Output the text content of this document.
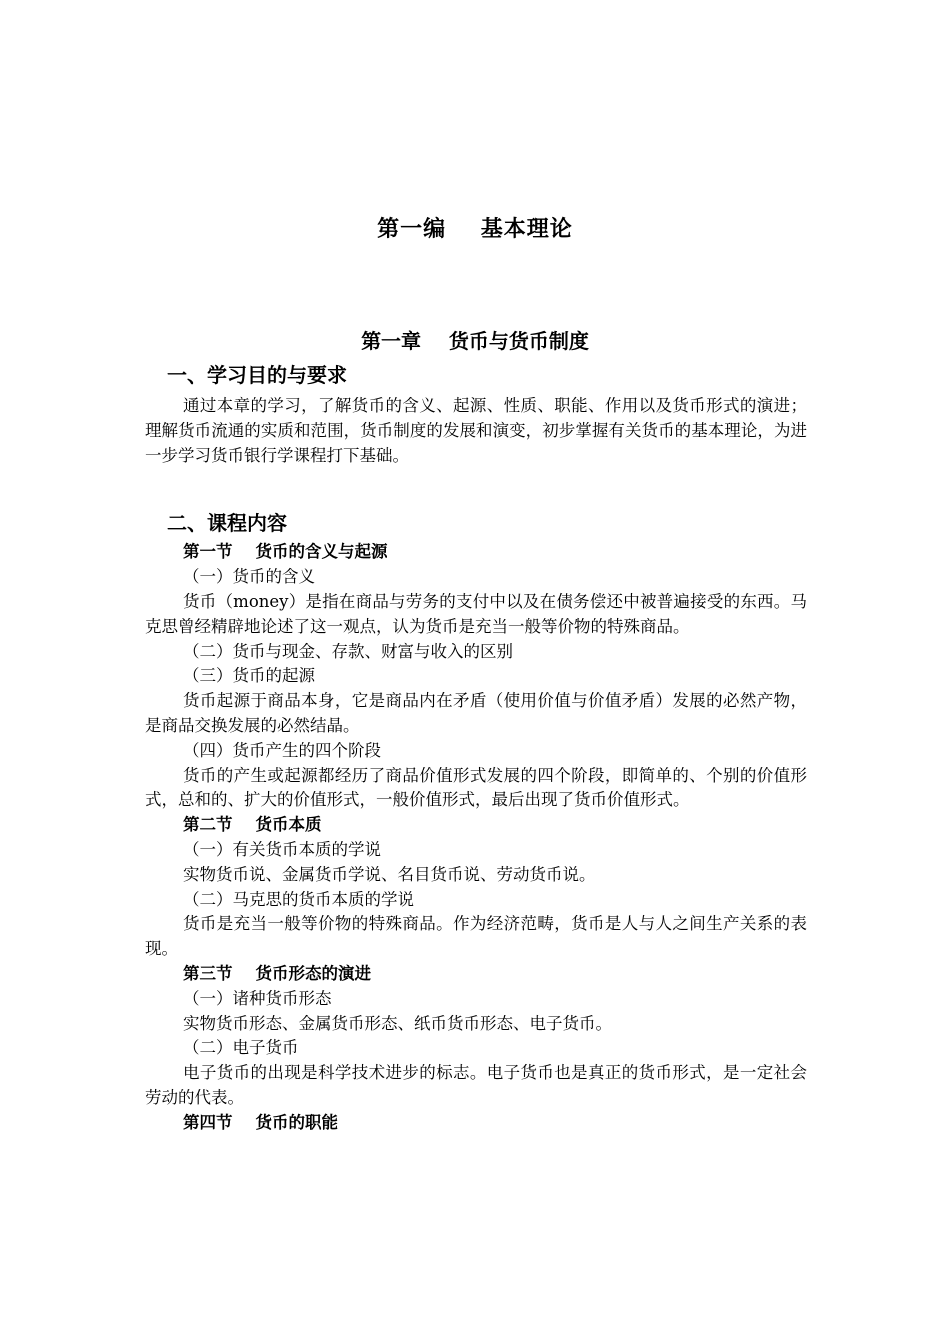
第一编    基本理论
第一章    货币与货币制度
一、学习目的与要求

通过本章的学习，了解货币的含义、起源、性质、职能、作用以及货币形式的演进；理解货币流通的实质和范围，货币制度的发展和演变，初步掌握有关货币的基本理论，为进一步学习货币银行学课程打下基础。

二、课程内容
第一节    货币的含义与起源
（一）货币的含义

货币（money）是指在商品与劳务的支付中以及在债务偿还中被普遍接受的东西。马克思曾经精辟地论述了这一观点，认为货币是充当一般等价物的特殊商品。

（二）货币与现金、存款、财富与收入的区别
（三）货币的起源

货币起源于商品本身，它是商品内在矛盾（使用价值与价值矛盾）发展的必然产物，是商品交换发展的必然结晶。

（四）货币产生的四个阶段

货币的产生或起源都经历了商品价值形式发展的四个阶段，即简单的、个别的价值形式，总和的、扩大的价值形式，一般价值形式，最后出现了货币价值形式。

第二节    货币本质
（一）有关货币本质的学说
实物货币说、金属货币学说、名目货币说、劳动货币说。
（二）马克思的货币本质的学说

货币是充当一般等价物的特殊商品。作为经济范畴，货币是人与人之间生产关系的表现。

第三节    货币形态的演进
（一）诸种货币形态
实物货币形态、金属货币形态、纸币货币形态、电子货币。
（二）电子货币

电子货币的出现是科学技术进步的标志。电子货币也是真正的货币形式，是一定社会劳动的代表。

第四节    货币的职能
